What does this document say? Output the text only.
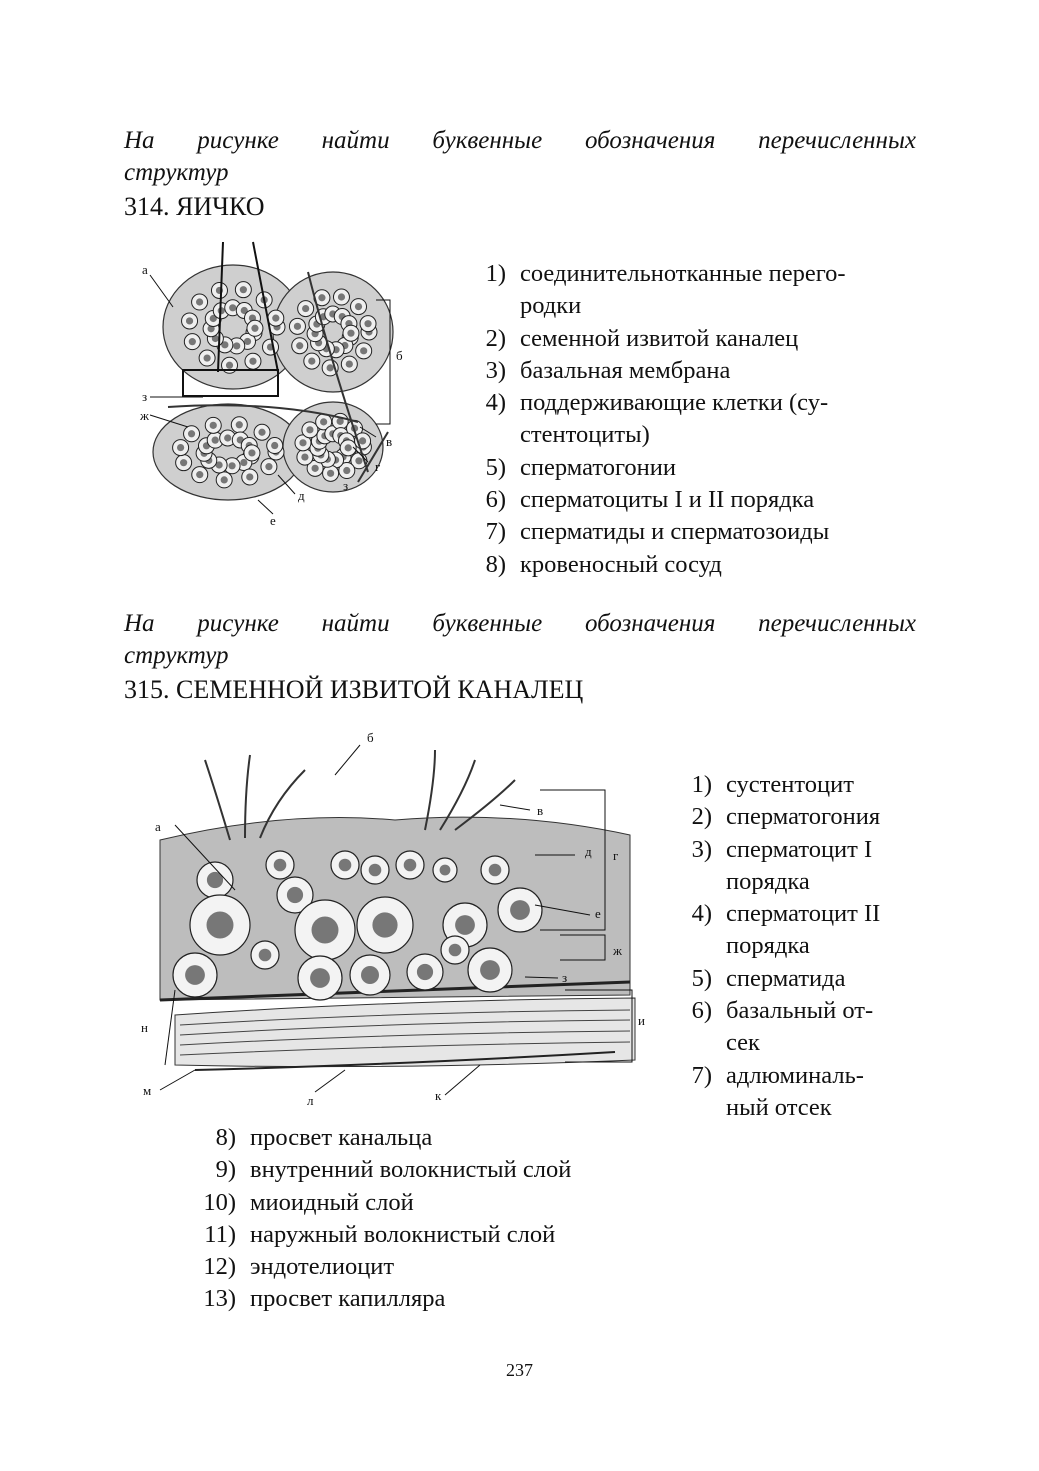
На рисунке найти буквенные обозначения перечисленных
структур
314. ЯИЧКО
а
б
в
г
д
е
ж
з
з
1) соединительнотканные перего-
родки
2) семенной извитой каналец
3) базальная мембрана
4) поддерживающие клетки (су-
стентоциты)
5) сперматогонии
6) сперматоциты I и II порядка
7) сперматиды и сперматозоиды
8) кровеносный сосуд
На рисунке найти буквенные обозначения перечисленных
структур
315. СЕМЕННОЙ ИЗВИТОЙ КАНАЛЕЦ
б
а
в
г
д
е
ж
з
и
к
л
м
н
1) сустентоцит
2) сперматогония
3) сперматоцит I
порядка
4) сперматоцит II
порядка
5) сперматида
6) базальный от-
сек
7) адлюминаль-
ный отсек
8) просвет канальца
9) внутренний волокнистый слой
10) миоидный слой
11) наружный волокнистый слой
12) эндотелиоцит
13) просвет капилляра
237
